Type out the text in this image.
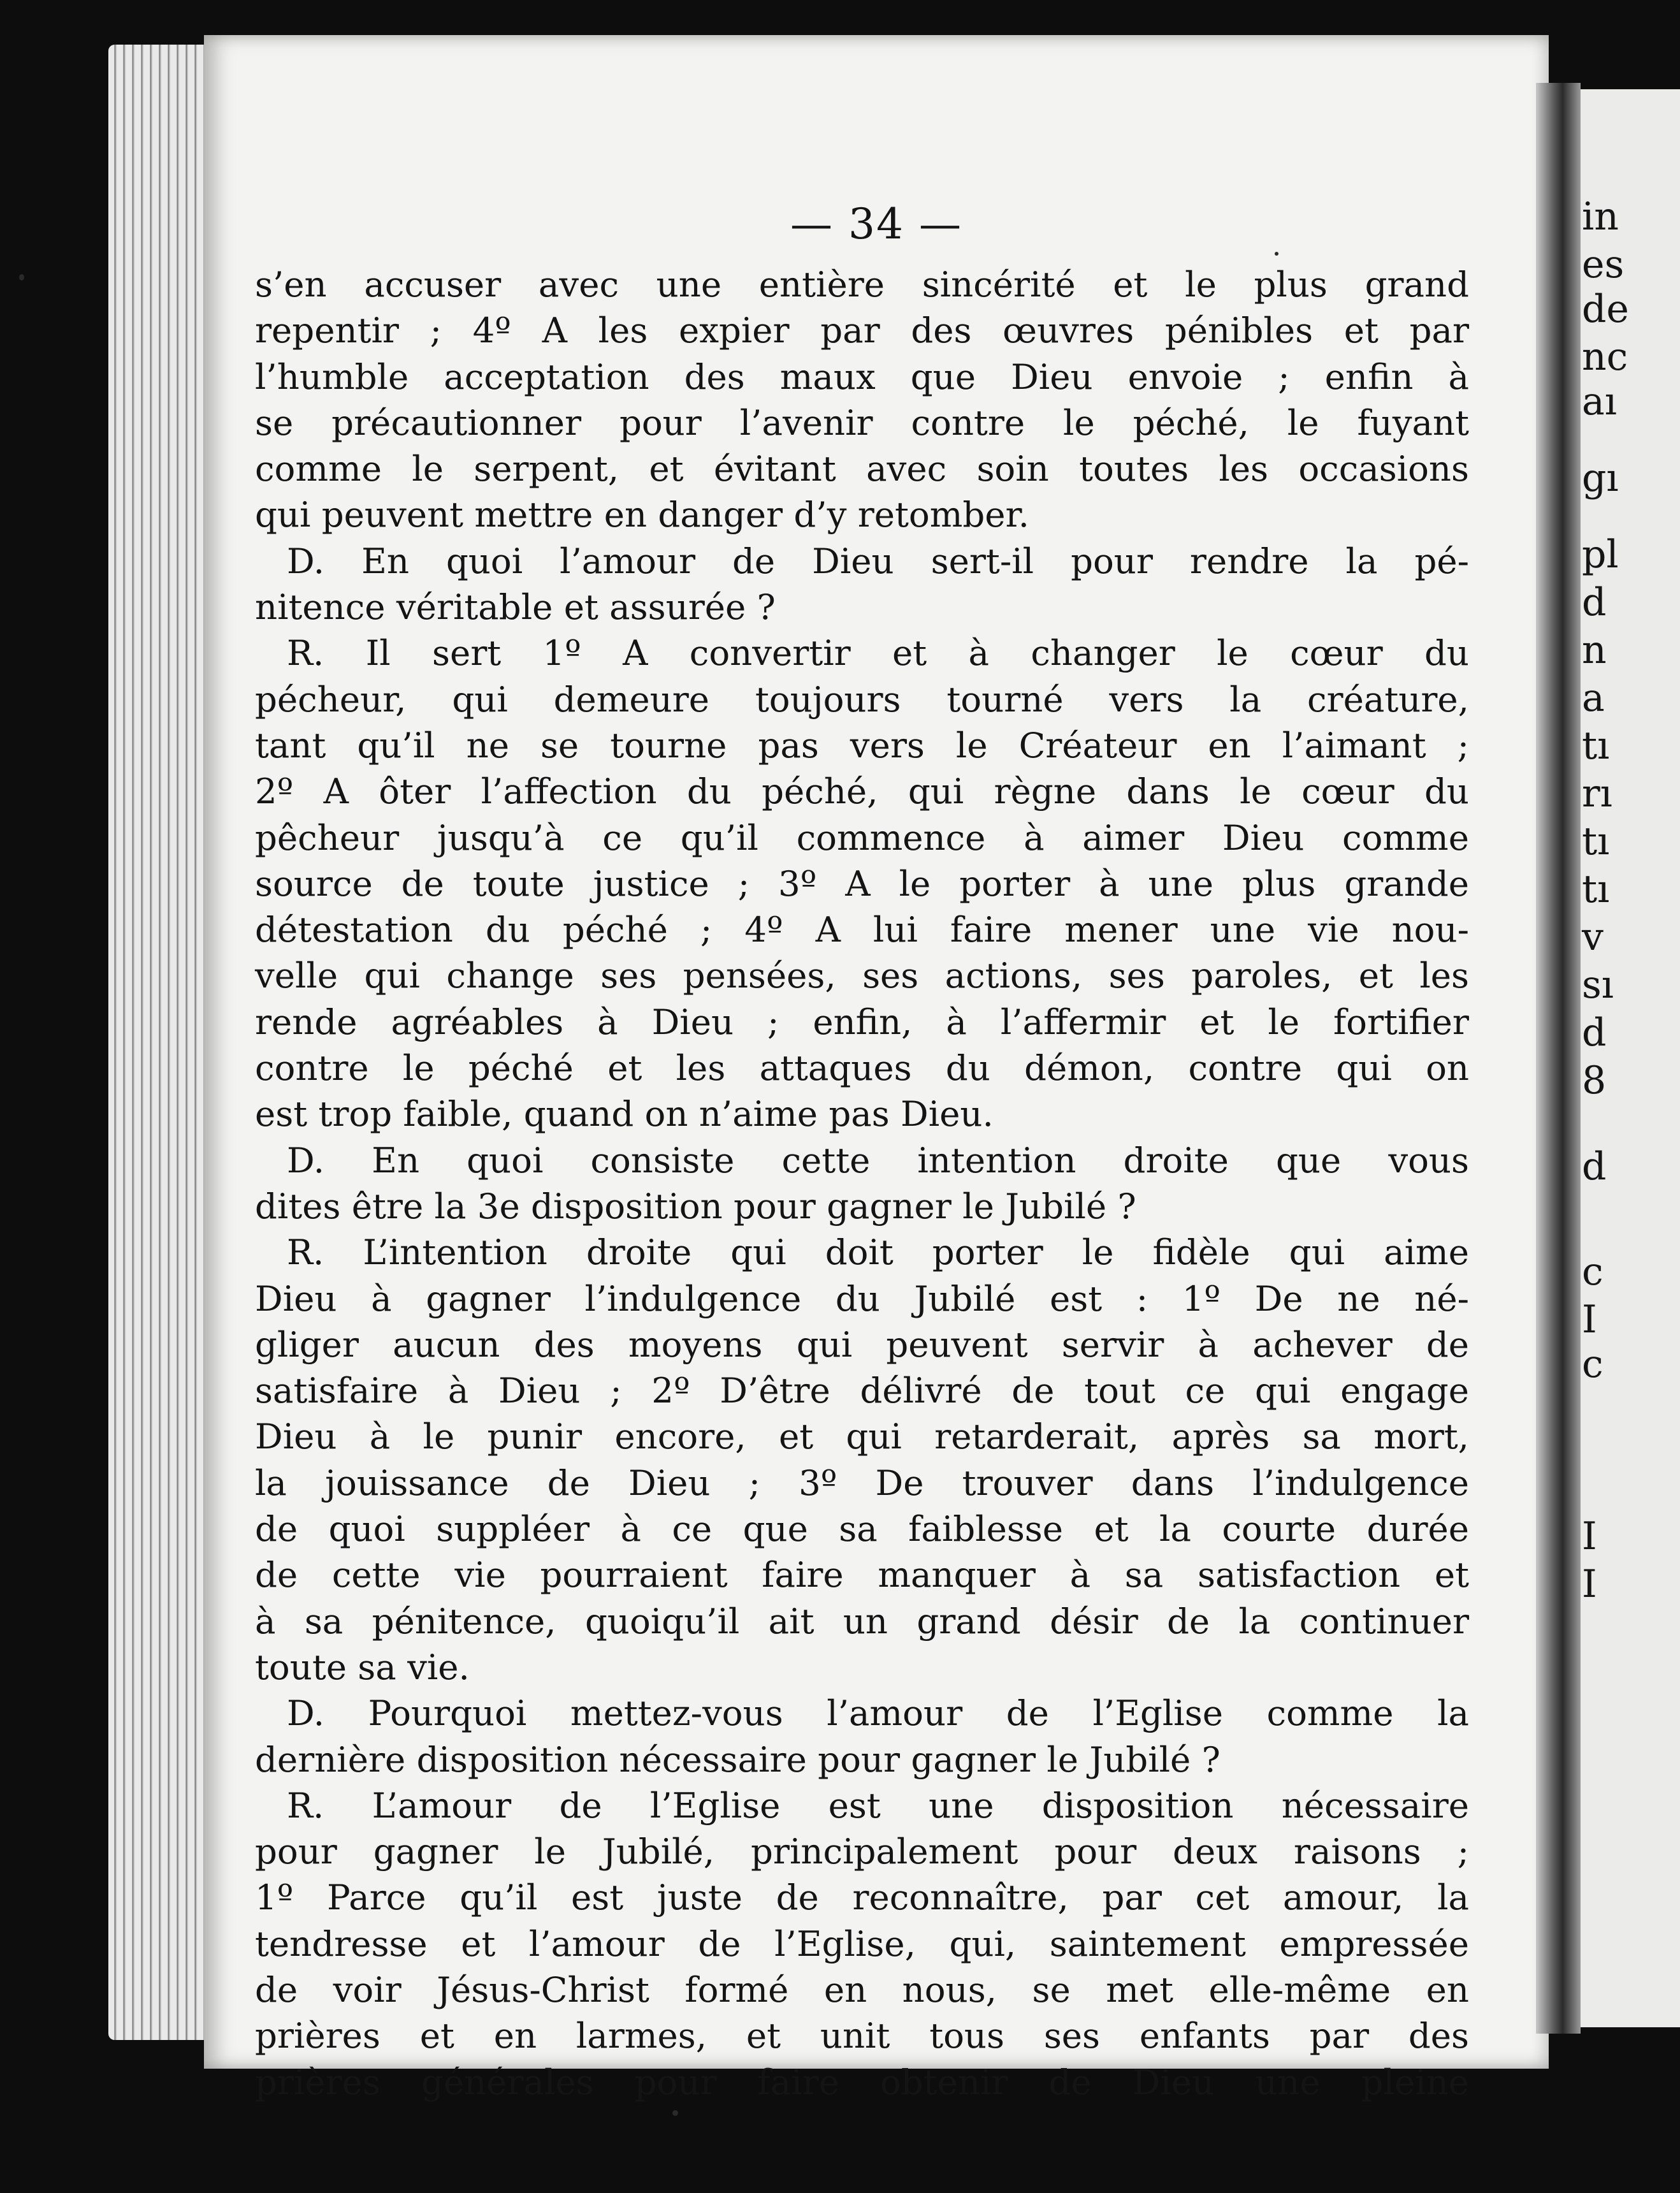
— 34 —
s’en accuser avec une entière sincérité et le plus grand
repentir ; 4º A les expier par des œuvres pénibles et par
l’humble acceptation des maux que Dieu envoie ; enfin à
se précautionner pour l’avenir contre le péché, le fuyant
comme le serpent, et évitant avec soin toutes les occasions
qui peuvent mettre en danger d’y retomber.
D. En quoi l’amour de Dieu sert-il pour rendre la pé-
nitence véritable et assurée ?
R. Il sert 1º A convertir et à changer le cœur du
pécheur, qui demeure toujours tourné vers la créature,
tant qu’il ne se tourne pas vers le Créateur en l’aimant ;
2º A ôter l’affection du péché, qui règne dans le cœur du
pêcheur jusqu’à ce qu’il commence à aimer Dieu comme
source de toute justice ; 3º A le porter à une plus grande
détestation du péché ; 4º A lui faire mener une vie nou-
velle qui change ses pensées, ses actions, ses paroles, et les
rende agréables à Dieu ; enfin, à l’affermir et le fortifier
contre le péché et les attaques du démon, contre qui on
est trop faible, quand on n’aime pas Dieu.
D. En quoi consiste cette intention droite que vous
dites être la 3e disposition pour gagner le Jubilé ?
R. L’intention droite qui doit porter le fidèle qui aime
Dieu à gagner l’indulgence du Jubilé est : 1º De ne né-
gliger aucun des moyens qui peuvent servir à achever de
satisfaire à Dieu ; 2º D’être délivré de tout ce qui engage
Dieu à le punir encore, et qui retarderait, après sa mort,
la jouissance de Dieu ; 3º De trouver dans l’indulgence
de quoi suppléer à ce que sa faiblesse et la courte durée
de cette vie pourraient faire manquer à sa satisfaction et
à sa pénitence, quoiqu’il ait un grand désir de la continuer
toute sa vie.
D. Pourquoi mettez-vous l’amour de l’Eglise comme la
dernière disposition nécessaire pour gagner le Jubilé ?
R. L’amour de l’Eglise est une disposition nécessaire
pour gagner le Jubilé, principalement pour deux raisons ;
1º Parce qu’il est juste de reconnaître, par cet amour, la
tendresse et l’amour de l’Eglise, qui, saintement empressée
de voir Jésus-Christ formé en nous, se met elle-même en
prières et en larmes, et unit tous ses enfants par des
prières générales pour faire obtenir de Dieu une pleine
in
es
de
nc
aı
gı
pl
d
n
a
tı
rı
tı
tı
v
sı
d
8
d
c
I
c
I
I
